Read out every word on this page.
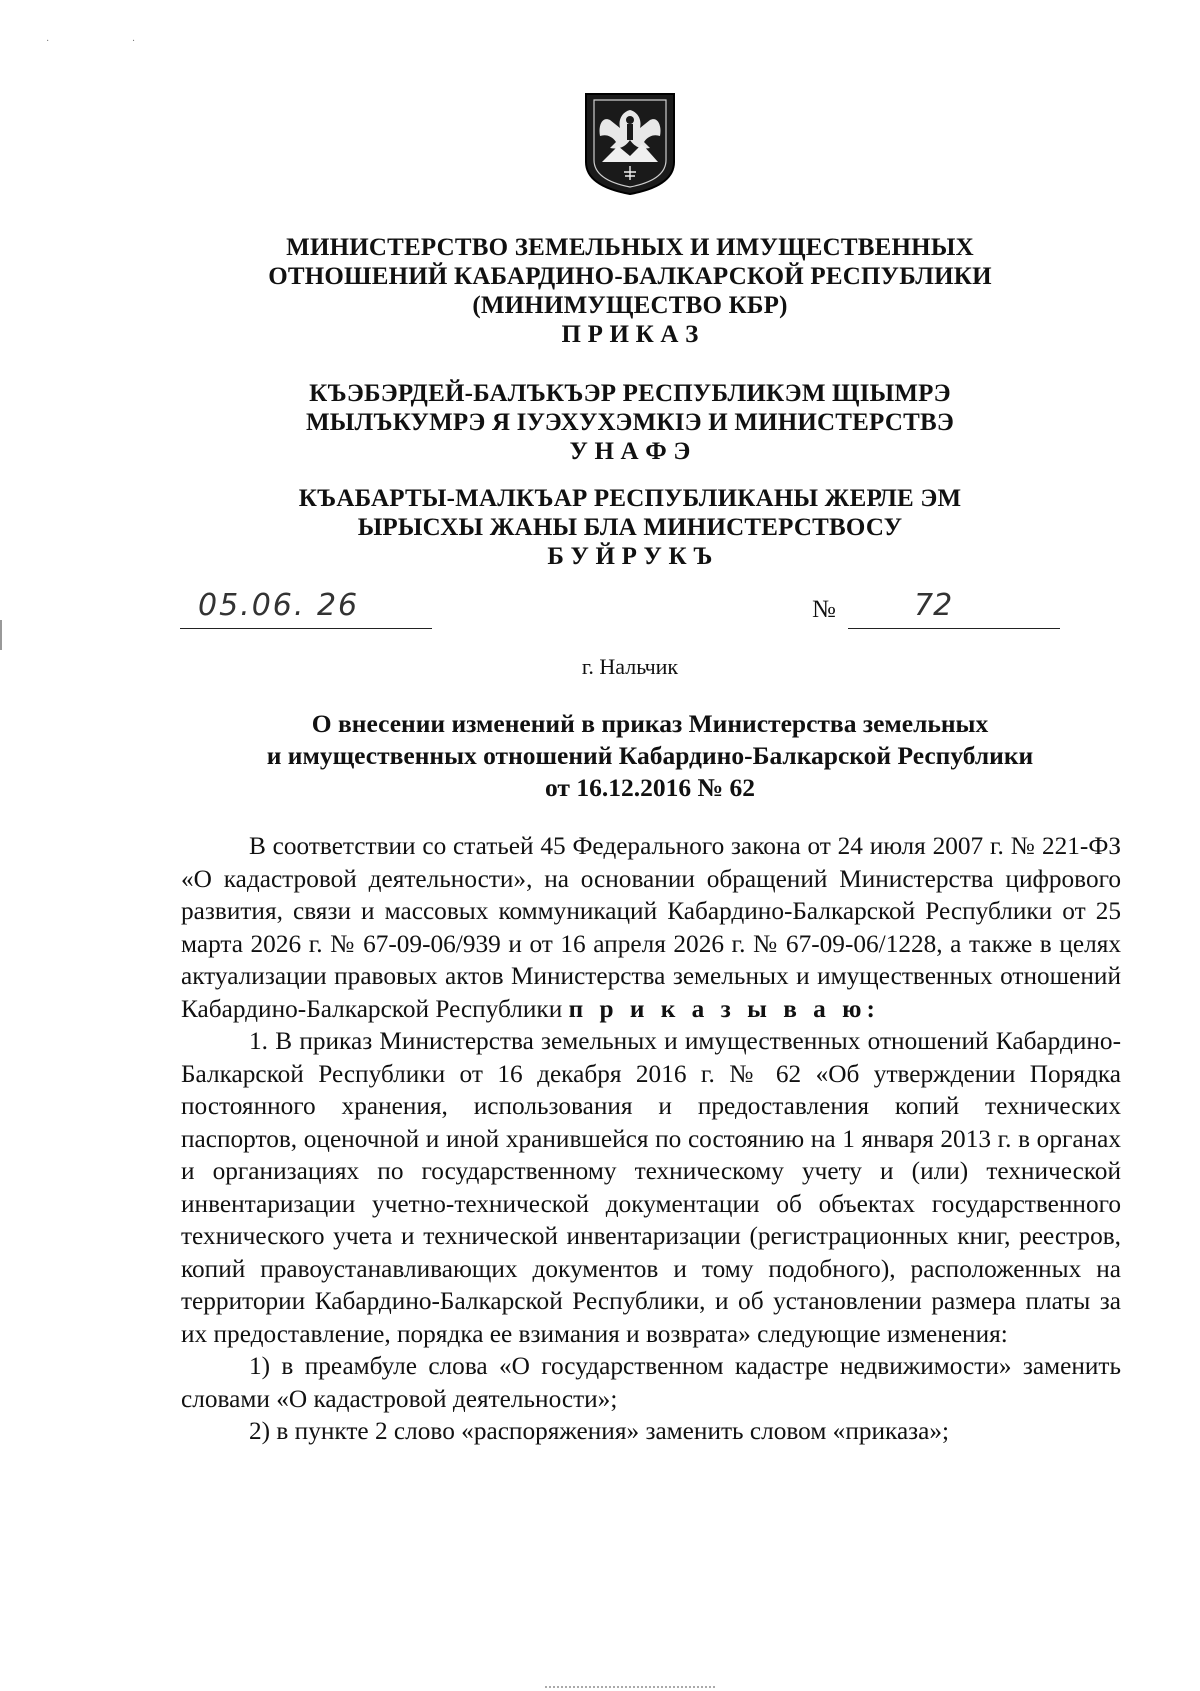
· ·
МИНИСТЕРСТВО ЗЕМЕЛЬНЫХ И ИМУЩЕСТВЕННЫХ
ОТНОШЕНИЙ КАБАРДИНО-БАЛКАРСКОЙ РЕСПУБЛИКИ
(МИНИМУЩЕСТВО КБР)
П Р И К А З
КЪЭБЭРДЕЙ-БАЛЪКЪЭР РЕСПУБЛИКЭМ ЩIЫМРЭ
МЫЛЪКУМРЭ Я IУЭХУХЭМКIЭ И МИНИСТЕРСТВЭ
У Н А Ф Э
КЪАБАРТЫ-МАЛКЪАР РЕСПУБЛИКАНЫ ЖЕРЛЕ ЭМ
ЫРЫСХЫ ЖАНЫ БЛА МИНИСТЕРСТВОСУ
Б У Й Р У К Ъ
05.06. 26	№	72
г. Нальчик
О внесении изменений в приказ Министерства земельных
и имущественных отношений Кабардино-Балкарской Республики
от 16.12.2016 № 62

В соответствии со статьей 45 Федерального закона от 24 июля 2007 г. № 221-ФЗ «О кадастровой деятельности», на основании обращений Министерства цифрового развития, связи и массовых коммуникаций Кабардино-Балкарской Республики от 25 марта 2026 г. № 67-09-06/939 и от 16 апреля 2026 г. № 67-09-06/1228, а также в целях актуализации правовых актов Министерства земельных и имущественных отношений Кабардино-Балкарской Республики п р и к а з ы в а ю:

1. В приказ Министерства земельных и имущественных отношений Кабардино-Балкарской Республики от 16 декабря 2016 г. № 62 «Об утверждении Порядка постоянного хранения, использования и предоставления копий технических паспортов, оценочной и иной хранившейся по состоянию на 1 января 2013 г. в органах и организациях по государственному техническому учету и (или) технической инвентаризации учетно-технической документации об объектах государственного технического учета и технической инвентаризации (регистрационных книг, реестров, копий правоустанавливающих документов и тому подобного), расположенных на территории Кабардино-Балкарской Республики, и об установлении размера платы за их предоставление, порядка ее взимания и возврата» следующие изменения:

1) в преамбуле слова «О государственном кадастре недвижимости» заменить словами «О кадастровой деятельности»;

2) в пункте 2 слово «распоряжения» заменить словом «приказа»;
